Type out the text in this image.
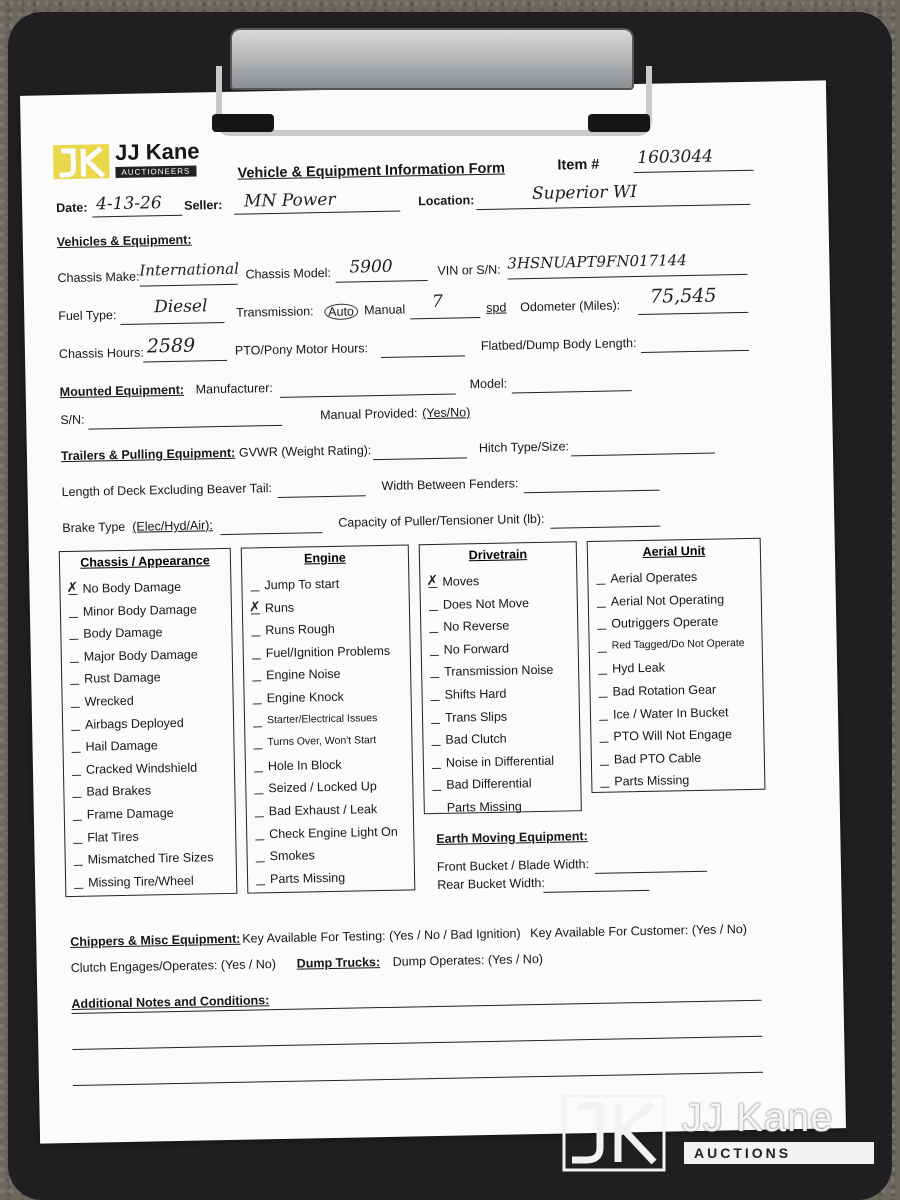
JJ Kane
AUCTIONEERS	Vehicle & Equipment Information Form	Item # 1603044
Date: 4-13-26 Seller: MN Power	Location:	Superior WI
Vehicles & Equipment:
Chassis Make: International Chassis Model: 5900	VIN or S/N: 3HSNUAPT9FN017144
Fuel Type: Diesel Transmission:	Auto Manual 7	spd Odometer (Miles): 75,545
Chassis Hours: 2589	PTO/Pony Motor Hours:	Flatbed/Dump Body Length:
Mounted Equipment: Manufacturer:	Model:
S/N:	Manual Provided: (Yes/No)
Trailers & Pulling Equipment: GVWR (Weight Rating):	Hitch Type/Size:
Length of Deck Excluding Beaver Tail:	Width Between Fenders:
Brake Type (Elec/Hyd/Air):	Capacity of Puller/Tensioner Unit (lb):
Chassis / Appearance
✗ No Body Damage
Minor Body Damage
Body Damage
Major Body Damage
Rust Damage
Wrecked
Airbags Deployed
Hail Damage
Cracked Windshield
Bad Brakes
Frame Damage
Flat Tires
Mismatched Tire Sizes
Missing Tire/Wheel
Engine
Jump To start
✗ Runs
Runs Rough
Fuel/Ignition Problems
Engine Noise
Engine Knock
Starter/Electrical Issues
Turns Over, Won't Start
Hole In Block
Seized / Locked Up
Bad Exhaust / Leak
Check Engine Light On
Smokes
Parts Missing
Drivetrain
✗ Moves
Does Not Move
No Reverse
No Forward
Transmission Noise
Shifts Hard
Trans Slips
Bad Clutch
Noise in Differential
Bad Differential
Parts Missing
Aerial Unit
Aerial Operates
Aerial Not Operating
Outriggers Operate
Red Tagged/Do Not Operate
Hyd Leak
Bad Rotation Gear
Ice / Water In Bucket
PTO Will Not Engage
Bad PTO Cable
Parts Missing
Earth Moving Equipment:
Front Bucket / Blade Width:
Rear Bucket Width:
Chippers & Misc Equipment: Key Available For Testing: (Yes / No / Bad Ignition) Key Available For Customer: (Yes / No)
Clutch Engages/Operates: (Yes / No) Dump Trucks: Dump Operates: (Yes / No)
Additional Notes and Conditions:
JJ Kane
AUCTIONS
